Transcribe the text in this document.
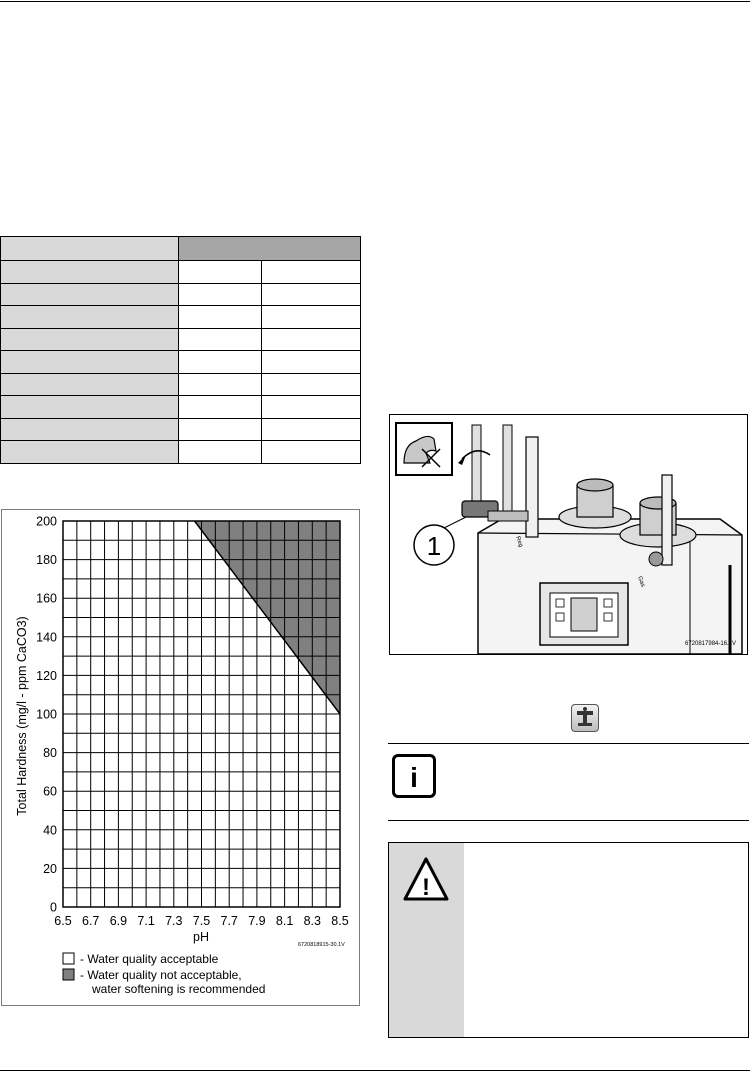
6.5 6.7 6.9 7.1 7.3 7.5 7.7 7.9 8.1 8.3 8.5
0
20
40
60
80
100
120
140
160
180
200
Total Hardness (mg/l - ppm CaCO3)
pH
6720818915-30.1V
- Water quality acceptable
- Water quality not acceptable,
water softening is recommended
Reg
Gas
1
6720817984-16.1V
i
!
